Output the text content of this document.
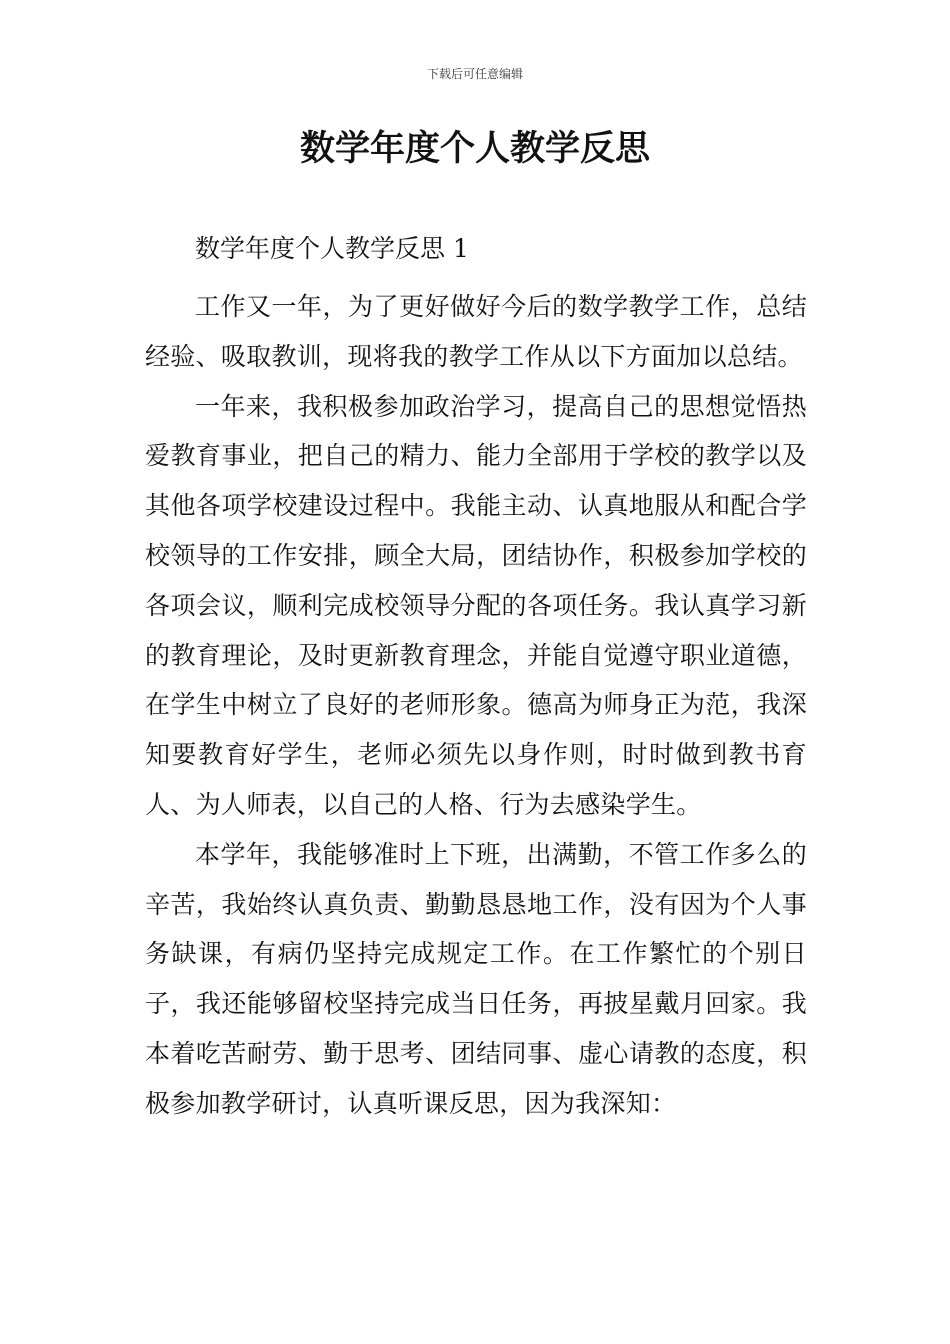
下载后可任意编辑
数学年度个人教学反思

数学年度个人教学反思 1

工作又一年，为了更好做好今后的数学教学工作，总结经验、吸取教训，现将我的教学工作从以下方面加以总结。

一年来，我积极参加政治学习，提高自己的思想觉悟热爱教育事业，把自己的精力、能力全部用于学校的教学以及其他各项学校建设过程中。我能主动、认真地服从和配合学校领导的工作安排，顾全大局，团结协作，积极参加学校的各项会议，顺利完成校领导分配的各项任务。我认真学习新的教育理论，及时更新教育理念，并能自觉遵守职业道德，在学生中树立了良好的老师形象。德高为师身正为范，我深知要教育好学生，老师必须先以身作则，时时做到教书育人、为人师表，以自己的人格、行为去感染学生。

本学年，我能够准时上下班，出满勤，不管工作多么的辛苦，我始终认真负责、勤勤恳恳地工作，没有因为个人事务缺课，有病仍坚持完成规定工作。在工作繁忙的个别日子，我还能够留校坚持完成当日任务，再披星戴月回家。我本着吃苦耐劳、勤于思考、团结同事、虚心请教的态度，积极参加教学研讨，认真听课反思，因为我深知：
